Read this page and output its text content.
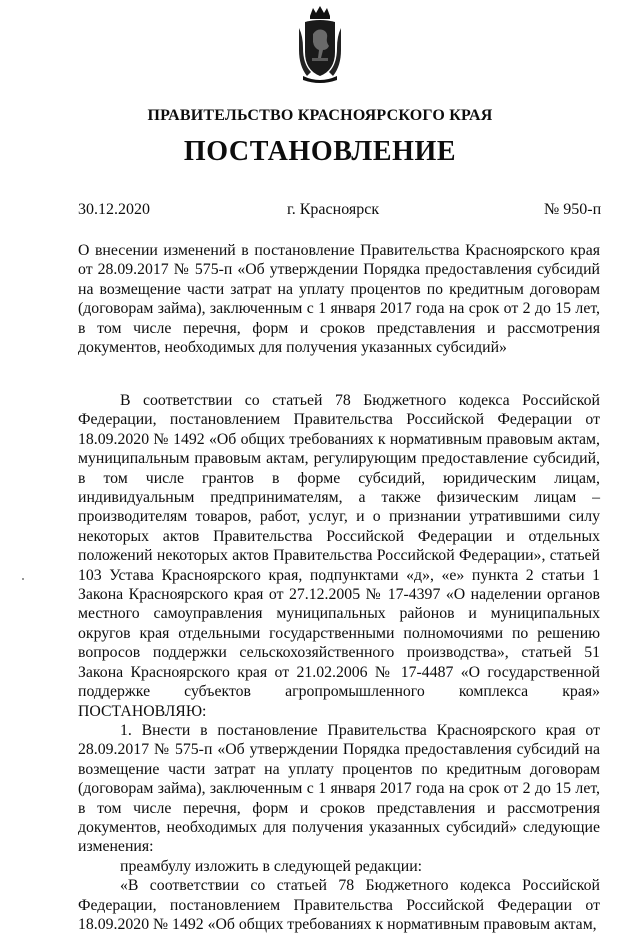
ПРАВИТЕЛЬСТВО КРАСНОЯРСКОГО КРАЯ
ПОСТАНОВЛЕНИЕ
30.12.2020	г. Красноярск	№ 950-п
О внесении изменений в постановление Правительства Красноярского края от 28.09.2017 № 575-п «Об утверждении Порядка предоставления субсидий на возмещение части затрат на уплату процентов по кредитным договорам (договорам займа), заключенным с 1 января 2017 года на срок от 2 до 15 лет, в том числе перечня, форм и сроков представления и рассмотрения документов, необходимых для получения указанных субсидий»

В соответствии со статьей 78 Бюджетного кодекса Российской Федерации, постановлением Правительства Российской Федерации от 18.09.2020 № 1492 «Об общих требованиях к нормативным правовым актам, муниципальным правовым актам, регулирующим предоставление субсидий, в том числе грантов в форме субсидий, юридическим лицам, индивидуальным предпринимателям, а также физическим лицам – производителям товаров, работ, услуг, и о признании утратившими силу некоторых актов Правительства Российской Федерации и отдельных положений некоторых актов Правительства Российской Федерации», статьей 103 Устава Красноярского края, подпунктами «д», «е» пункта 2 статьи 1 Закона Красноярского края от 27.12.2005 № 17-4397 «О наделении органов местного самоуправления муниципальных районов и муниципальных округов края отдельными государственными полномочиями по решению вопросов поддержки сельскохозяйственного производства», статьей 51 Закона Красноярского края от 21.02.2006 № 17-4487 «О государственной поддержке субъектов агропромышленного комплекса края» ПОСТАНОВЛЯЮ:

1. Внести в постановление Правительства Красноярского края от 28.09.2017 № 575-п «Об утверждении Порядка предоставления субсидий на возмещение части затрат на уплату процентов по кредитным договорам (договорам займа), заключенным с 1 января 2017 года на срок от 2 до 15 лет, в том числе перечня, форм и сроков представления и рассмотрения документов, необходимых для получения указанных субсидий» следующие изменения:

преамбулу изложить в следующей редакции:

«В соответствии со статьей 78 Бюджетного кодекса Российской Федерации, постановлением Правительства Российской Федерации от 18.09.2020 № 1492 «Об общих требованиях к нормативным правовым актам,
